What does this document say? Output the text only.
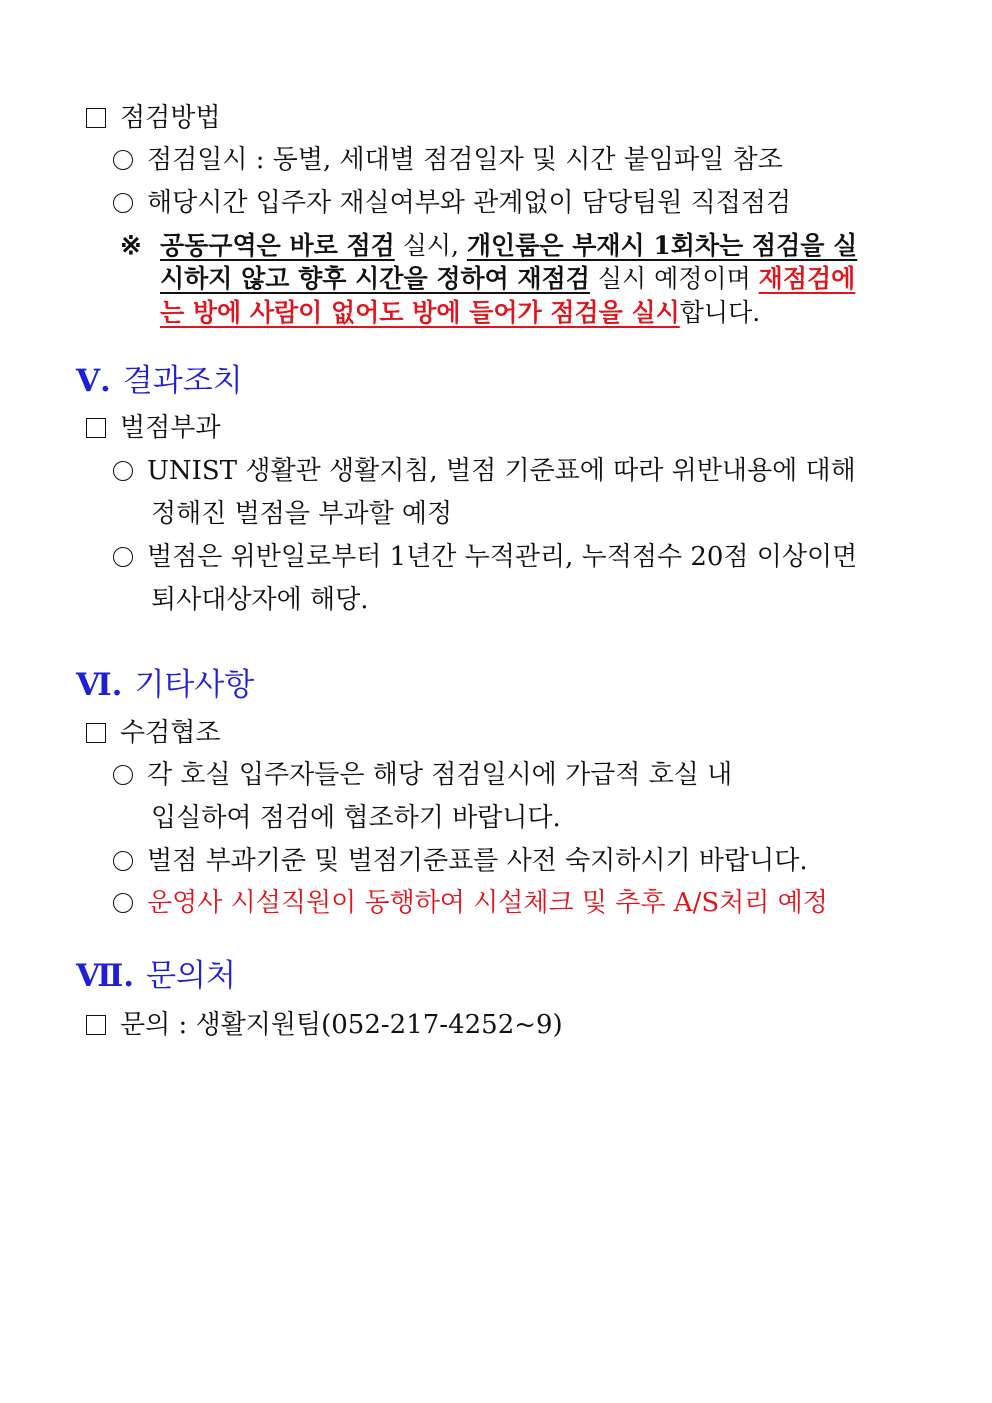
점검방법
점검일시 : 동별, 세대별 점검일자 및 시간 붙임파일 참조
해당시간 입주자 재실여부와 관계없이 담당팀원 직접점검
※ 공동구역은 바로 점검 실시, 개인룸은 부재시 1회차는 점검을 실
시하지 않고 향후 시간을 정하여 재점검 실시 예정이며 재점검에
는 방에 사람이 없어도 방에 들어가 점검을 실시합니다.
Ⅴ. 결과조치
벌점부과
UNIST 생활관 생활지침, 벌점 기준표에 따라 위반내용에 대해
정해진 벌점을 부과할 예정
벌점은 위반일로부터 1년간 누적관리, 누적점수 20점 이상이면
퇴사대상자에 해당.
Ⅵ. 기타사항
수검협조
각 호실 입주자들은 해당 점검일시에 가급적 호실 내
입실하여 점검에 협조하기 바랍니다.
벌점 부과기준 및 벌점기준표를 사전 숙지하시기 바랍니다.
운영사 시설직원이 동행하여 시설체크 및 추후 A/S처리 예정
Ⅶ. 문의처
문의 : 생활지원팀(052-217-4252~9)
